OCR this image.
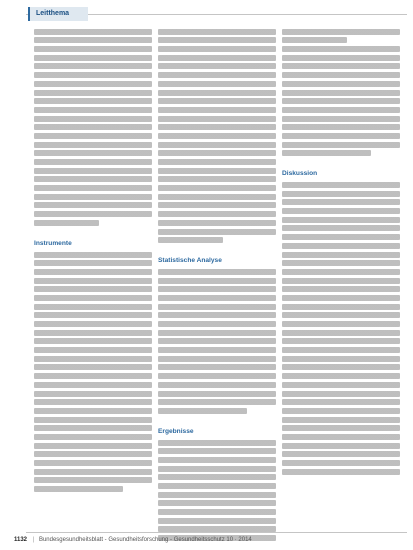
Leitthema
Instrumente
Statistische Analyse
Ergebnisse
Diskussion
1132 | Bundesgesundheitsblatt - Gesundheitsforschung - Gesundheitsschutz 10 · 2014
